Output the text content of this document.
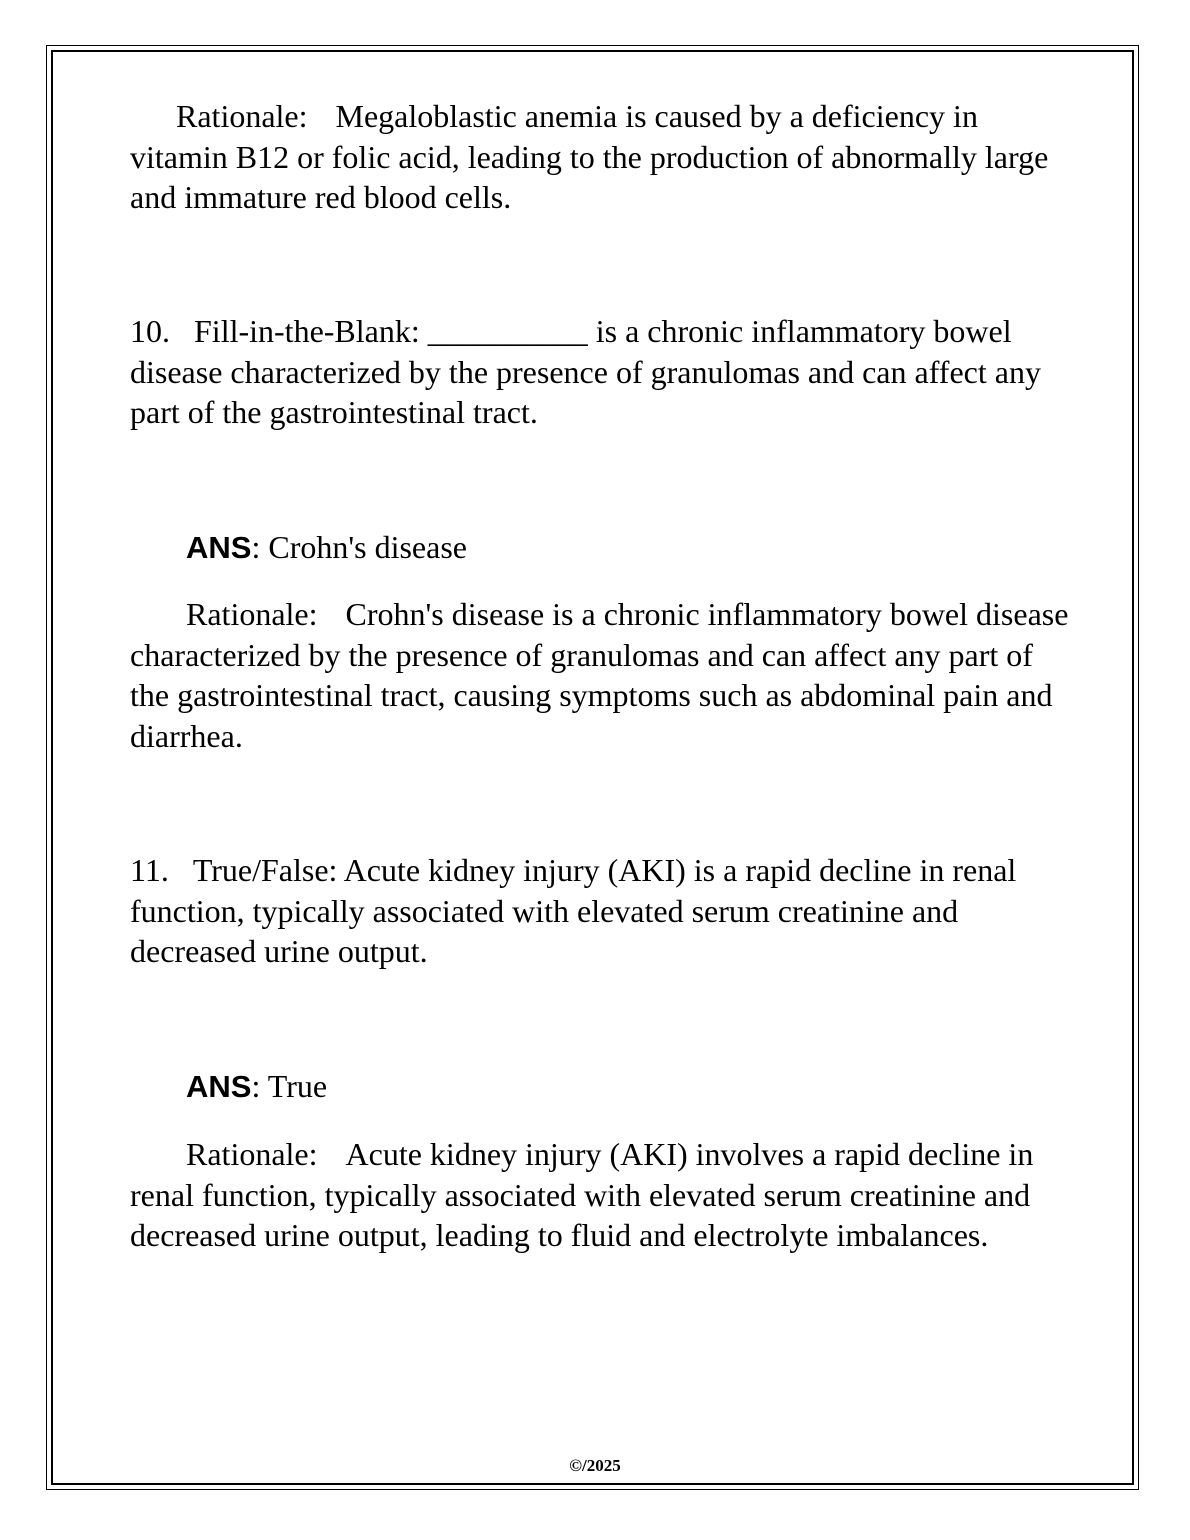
Rationale: Megaloblastic anemia is caused by a deficiency in vitamin B12 or folic acid, leading to the production of abnormally large and immature red blood cells.

10. Fill-in-the-Blank: __________ is a chronic inflammatory bowel disease characterized by the presence of granulomas and can affect any part of the gastrointestinal tract.

ANS: Crohn's disease

Rationale: Crohn's disease is a chronic inflammatory bowel disease characterized by the presence of granulomas and can affect any part of the gastrointestinal tract, causing symptoms such as abdominal pain and diarrhea.

11. True/False: Acute kidney injury (AKI) is a rapid decline in renal function, typically associated with elevated serum creatinine and decreased urine output.

ANS: True

Rationale: Acute kidney injury (AKI) involves a rapid decline in renal function, typically associated with elevated serum creatinine and decreased urine output, leading to fluid and electrolyte imbalances.

©/2025
